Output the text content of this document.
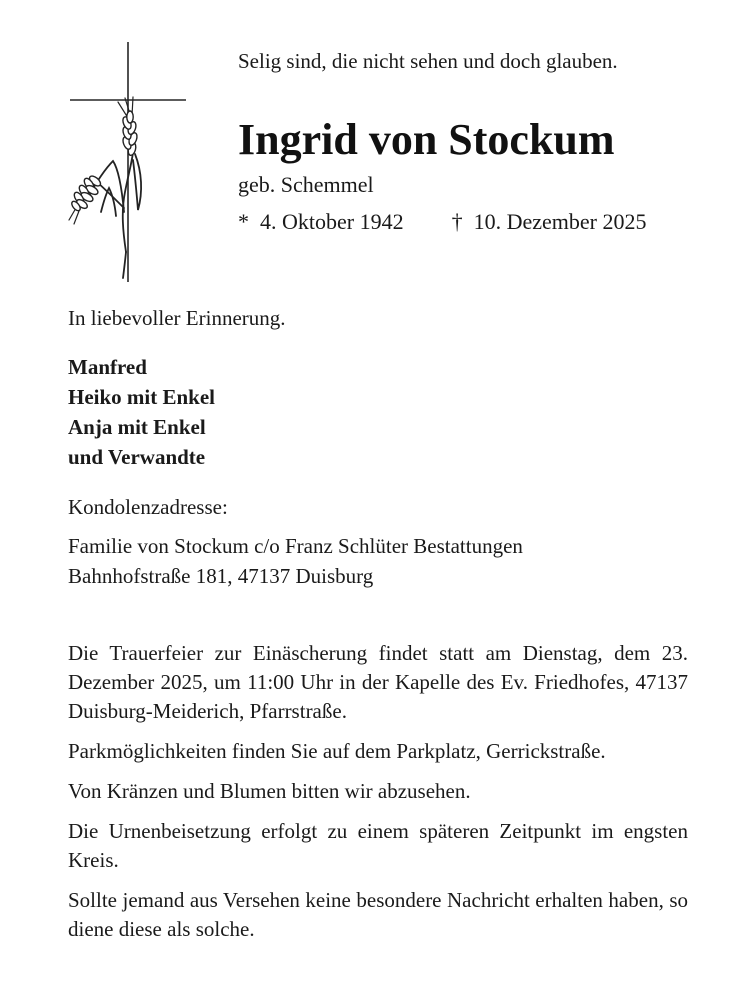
Selig sind, die nicht sehen und doch glauben.

Ingrid von Stockum

geb. Schemmel

* 4. Oktober 1942 † 10. Dezember 2025

In liebevoller Erinnerung.

Manfred

Heiko mit Enkel

Anja mit Enkel

und Verwandte

Kondolenzadresse:

Familie von Stockum c/o Franz Schlüter Bestattungen

Bahnhofstraße 181, 47137 Duisburg

Die Trauerfeier zur Einäscherung findet statt am Dienstag, dem 23. Dezember 2025, um 11:00 Uhr in der Kapelle des Ev. Friedhofes, 47137 Duisburg-Meiderich, Pfarrstraße.

Parkmöglichkeiten finden Sie auf dem Parkplatz, Gerrickstraße.

Von Kränzen und Blumen bitten wir abzusehen.

Die Urnenbeisetzung erfolgt zu einem späteren Zeitpunkt im engsten Kreis.

Sollte jemand aus Versehen keine besondere Nachricht erhalten haben, so diene diese als solche.
